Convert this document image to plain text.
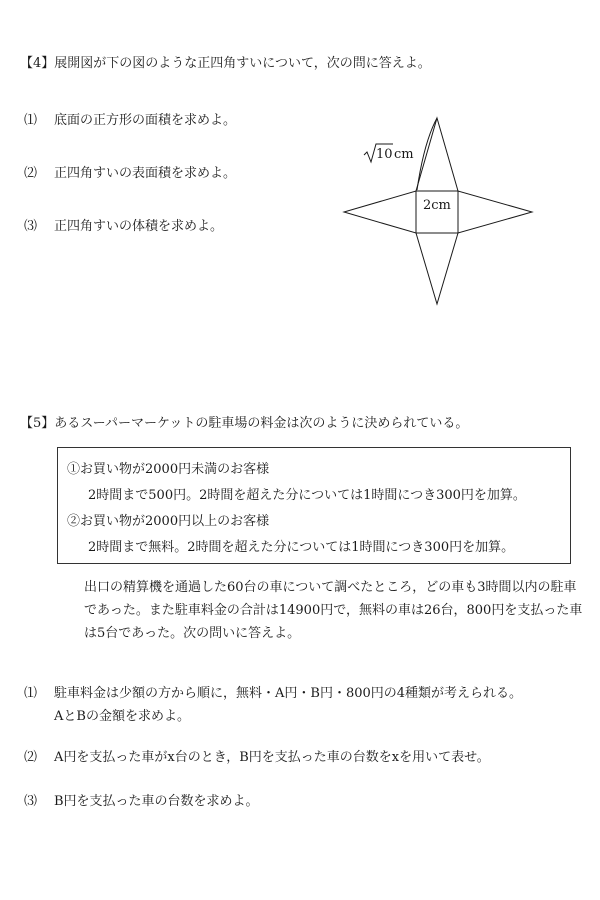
【4】展開図が下の図のような正四角すいについて，次の問に答えよ。
⑴ 底面の正方形の面積を求めよ。
⑵ 正四角すいの表面積を求めよ。
⑶ 正四角すいの体積を求めよ。
10 cm
2cm
【5】あるスーパーマーケットの駐車場の料金は次のように決められている。
①お買い物が2000円未満のお客様
2時間まで500円。2時間を超えた分については1時間につき300円を加算。
②お買い物が2000円以上のお客様
2時間まで無料。2時間を超えた分については1時間につき300円を加算。
出口の精算機を通過した60台の車について調べたところ，どの車も3時間以内の駐車であった。また駐車料金の合計は14900円で，無料の車は26台，800円を支払った車は5台であった。次の問いに答えよ。
⑴ 駐車料金は少額の方から順に，無料・A円・B円・800円の4種類が考えられる。
AとBの金額を求めよ。
⑵ A円を支払った車がx台のとき，B円を支払った車の台数をxを用いて表せ。
⑶ B円を支払った車の台数を求めよ。
